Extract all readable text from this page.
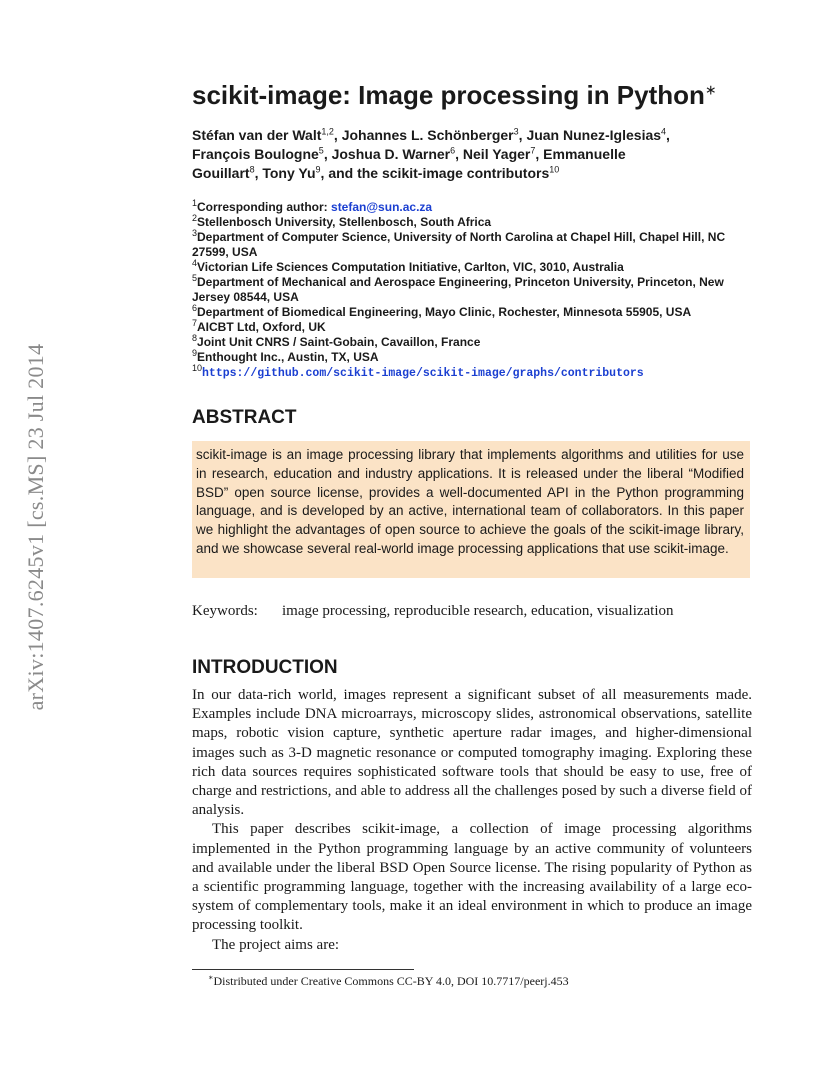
arXiv:1407.6245v1 [cs.MS] 23 Jul 2014
scikit-image: Image processing in Python∗
Stéfan van der Walt$^{1,2}$, Johannes L. Schönberger$^3$, Juan Nunez-Iglesias$^4$,
François Boulogne$^5$, Joshua D. Warner$^6$, Neil Yager$^7$, Emmanuelle
Gouillart$^8$, Tony Yu$^9$, and the scikit-image contributors$^{10}$
$^1$Corresponding author: stefan@sun.ac.za
$^2$Stellenbosch University, Stellenbosch, South Africa
$^3$Department of Computer Science, University of North Carolina at Chapel Hill, Chapel Hill, NC 27599, USA
$^4$Victorian Life Sciences Computation Initiative, Carlton, VIC, 3010, Australia
$^5$Department of Mechanical and Aerospace Engineering, Princeton University, Princeton, New Jersey 08544, USA
$^6$Department of Biomedical Engineering, Mayo Clinic, Rochester, Minnesota 55905, USA
$^7$AICBT Ltd, Oxford, UK
$^8$Joint Unit CNRS / Saint-Gobain, Cavaillon, France
$^9$Enthought Inc., Austin, TX, USA
$^{10}$https://github.com/scikit-image/scikit-image/graphs/contributors
ABSTRACT

scikit-image is an image processing library that implements algorithms and utilities for use in research, education and industry applications. It is released under the liberal “Modified BSD” open source license, provides a well-documented API in the Python programming language, and is developed by an active, international team of collaborators. In this paper we highlight the advantages of open source to achieve the goals of the scikit-image library, and we showcase several real-world image processing applications that use scikit-image.

Keywords: image processing, reproducible research, education, visualization
INTRODUCTION

In our data-rich world, images represent a significant subset of all measurements made. Examples include DNA microarrays, microscopy slides, astronomical observations, satellite maps, robotic vision capture, synthetic aperture radar images, and higher-dimensional images such as 3-D magnetic resonance or computed tomography imaging. Exploring these rich data sources requires sophisticated software tools that should be easy to use, free of charge and restrictions, and able to address all the challenges posed by such a diverse field of analysis.

This paper describes scikit-image, a collection of image processing algorithms implemented in the Python programming language by an active community of volunteers and available under the liberal BSD Open Source license. The rising popularity of Python as a scientific programming language, together with the increasing availability of a large eco-system of complementary tools, make it an ideal environment in which to produce an image processing toolkit.

The project aims are:

∗Distributed under Creative Commons CC-BY 4.0, DOI 10.7717/peerj.453
